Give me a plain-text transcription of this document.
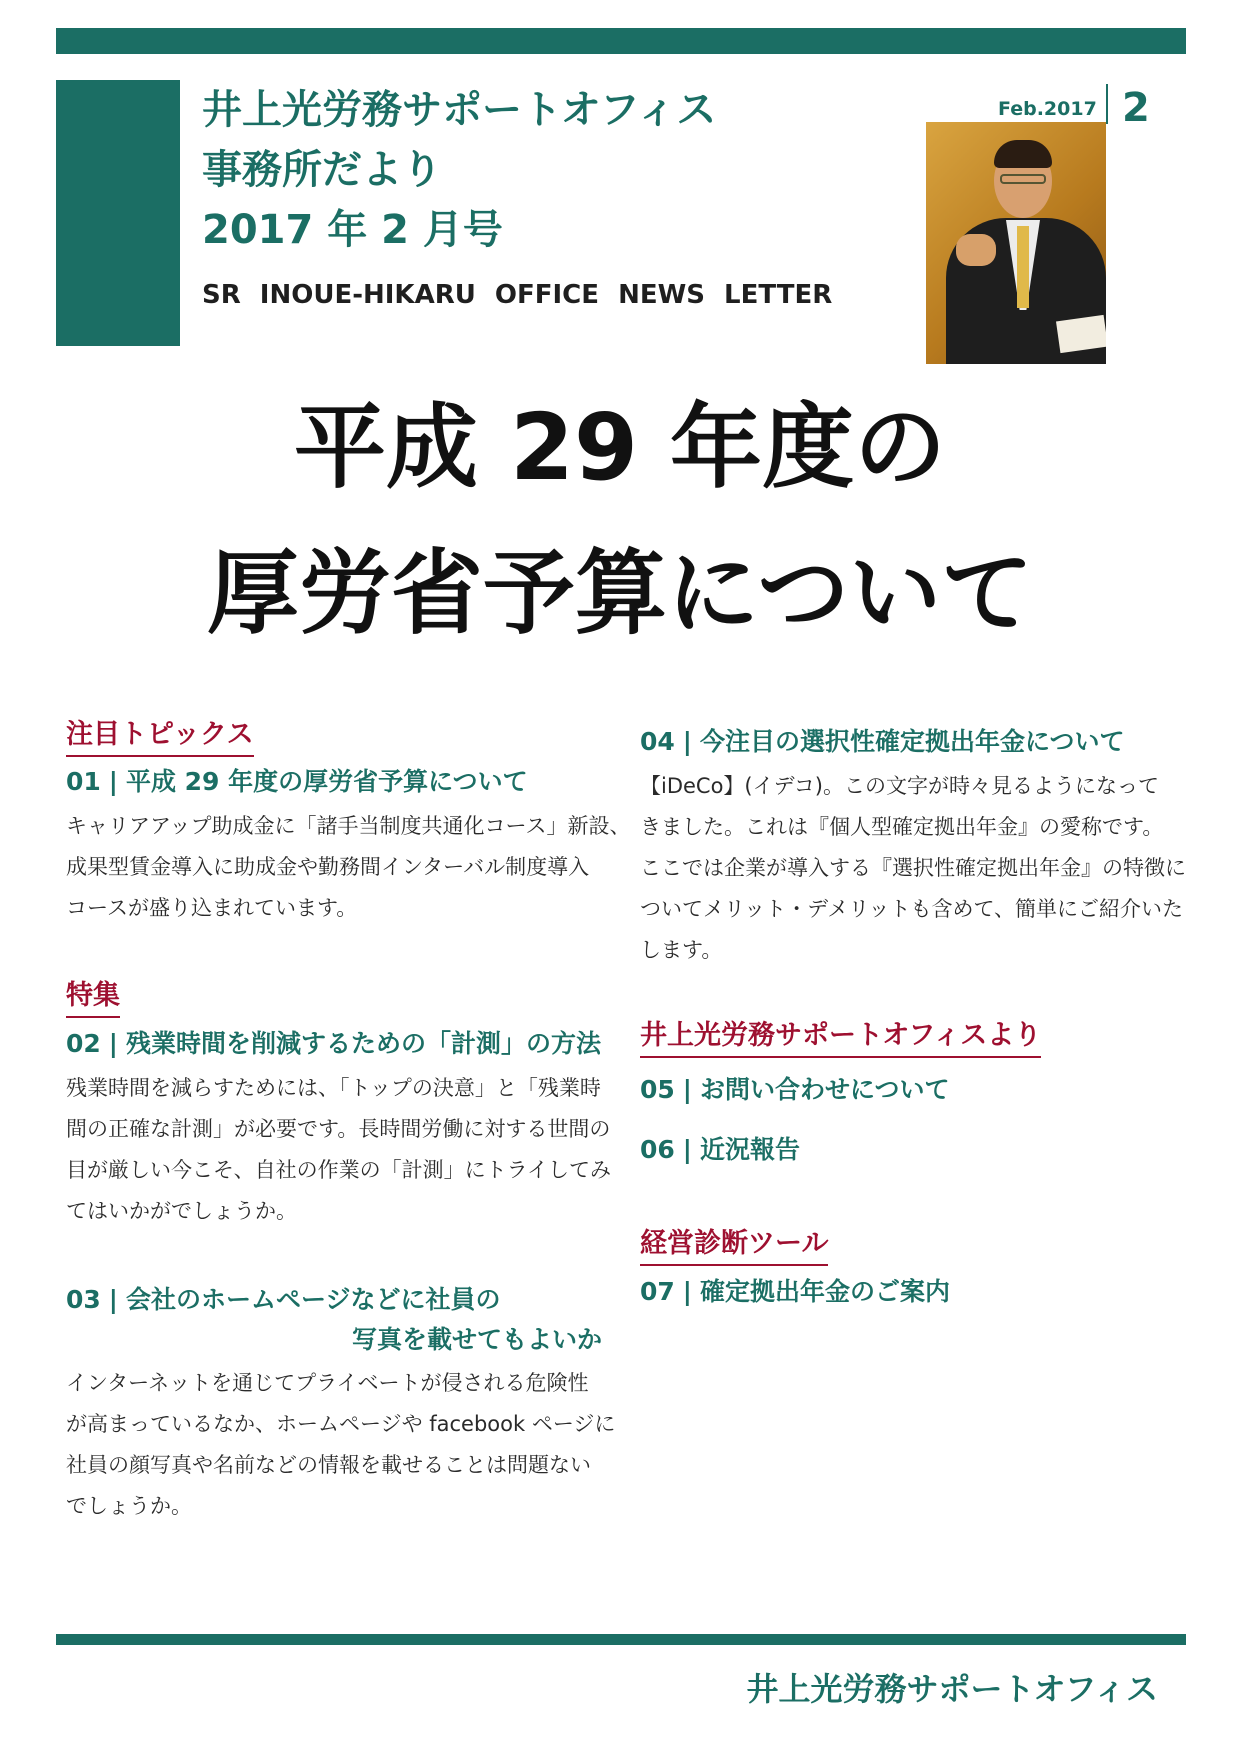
井上光労務サポートオフィス
事務所だより
2017 年 2 月号
SR INOUE-HIKARU OFFICE NEWS LETTER
Feb.2017 2
平成 29 年度の
厚労省予算について
注目トピックス
01 | 平成 29 年度の厚労省予算について
キャリアアップ助成金に「諸手当制度共通化コース」新設、
成果型賃金導入に助成金や勤務間インターバル制度導入
コースが盛り込まれています。
特集
02 | 残業時間を削減するための「計測」の方法
残業時間を減らすためには、「トップの決意」と「残業時
間の正確な計測」が必要です。長時間労働に対する世間の
目が厳しい今こそ、自社の作業の「計測」にトライしてみ
てはいかがでしょうか。
03 | 会社のホームページなどに社員の
写真を載せてもよいか
インターネットを通じてプライベートが侵される危険性
が高まっているなか、ホームページや facebook ページに
社員の顔写真や名前などの情報を載せることは問題ない
でしょうか。
04 | 今注目の選択性確定拠出年金について
【iDeCo】(イデコ)。この文字が時々見るようになって
きました。これは『個人型確定拠出年金』の愛称です。
ここでは企業が導入する『選択性確定拠出年金』の特徴に
ついてメリット・デメリットも含めて、簡単にご紹介いた
します。
井上光労務サポートオフィスより
05 | お問い合わせについて
06 | 近況報告
経営診断ツール
07 | 確定拠出年金のご案内
井上光労務サポートオフィス
